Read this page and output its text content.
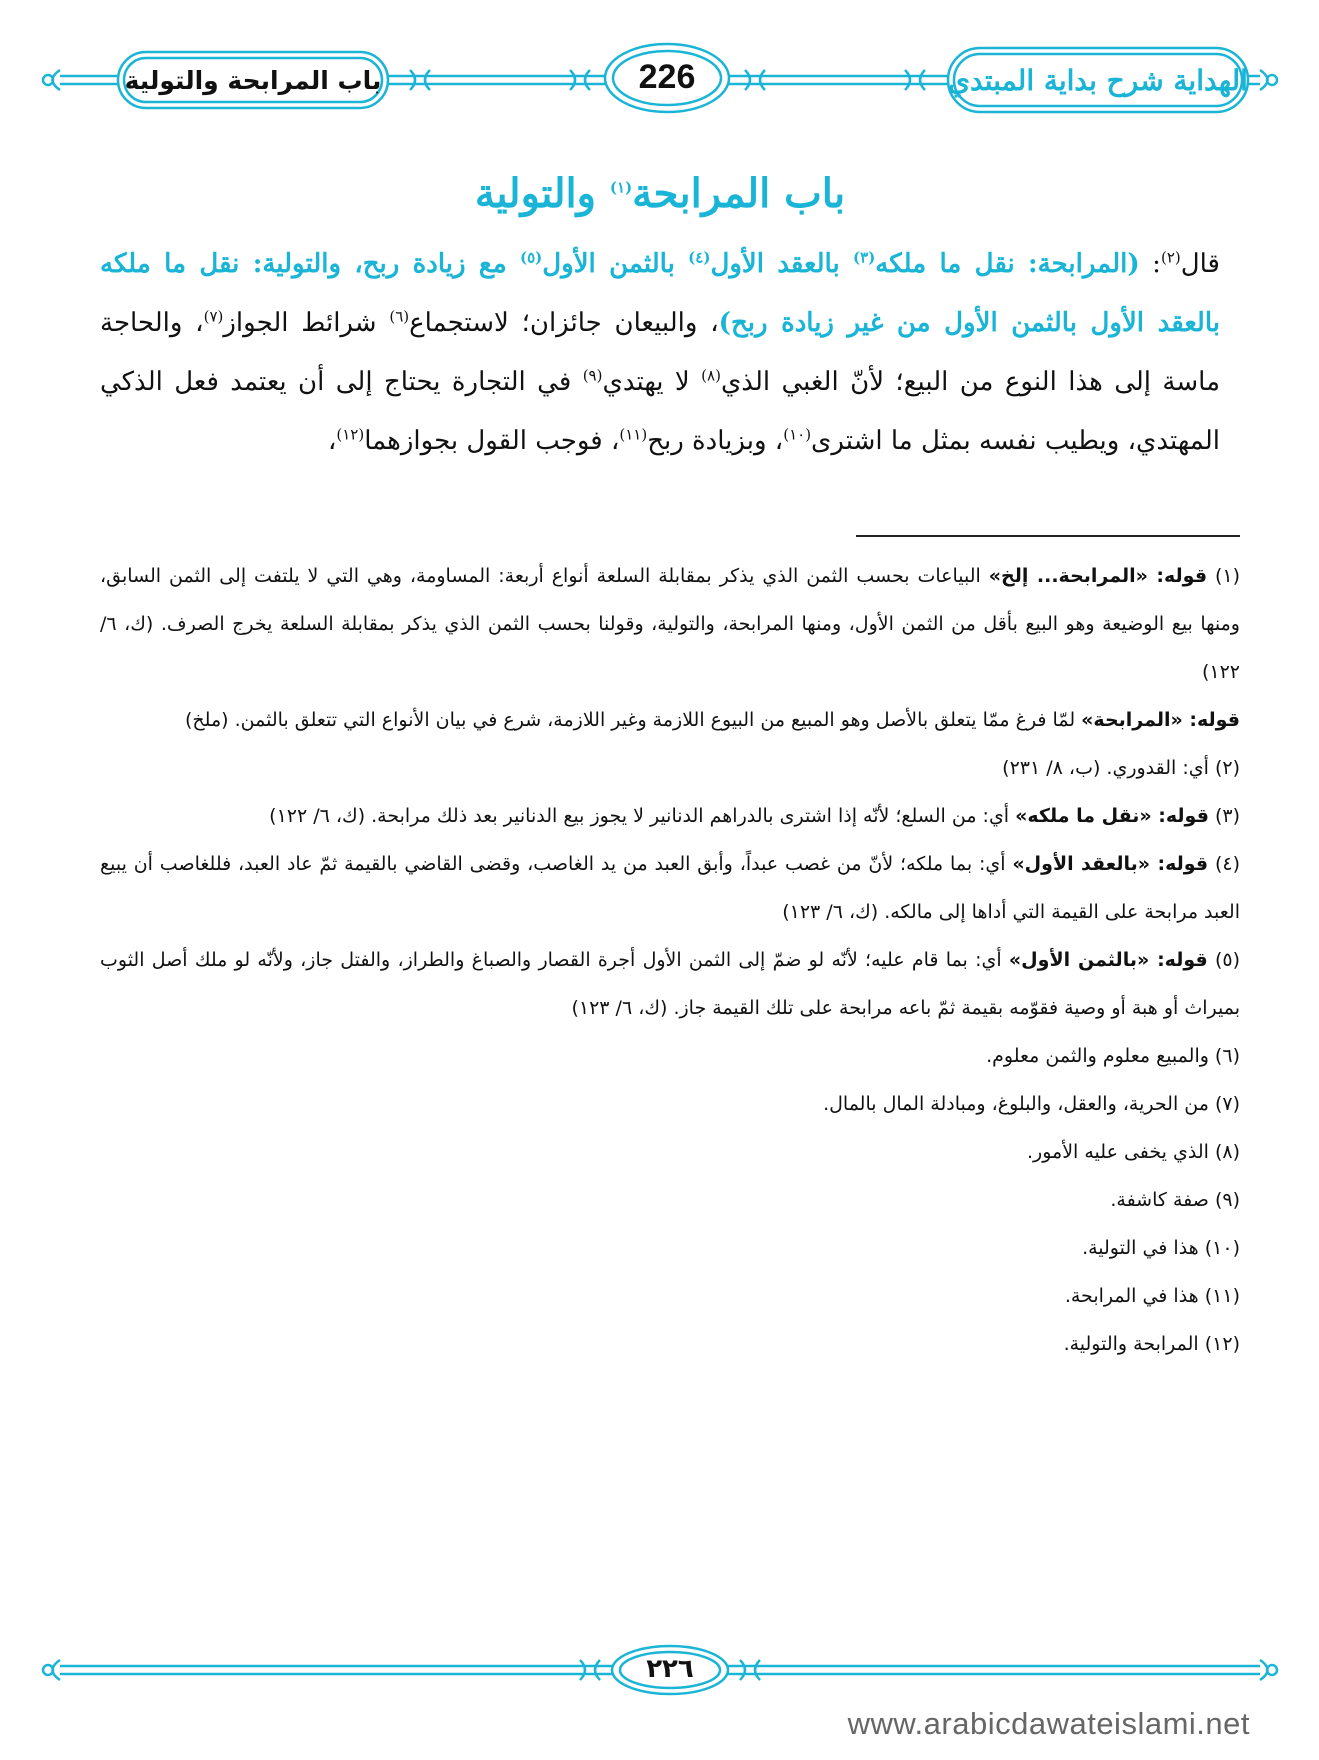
الهداية شرح بداية المبتدي
226
باب المرابحة والتولية
باب المرابحة$^{(١)}$ والتولية
قال$^{(٢)}$: (المرابحة: نقل ما ملكه$^{(٣)}$ بالعقد الأول$^{(٤)}$ بالثمن الأول$^{(٥)}$ مع زيادة ربح، والتولية: نقل ما ملكه بالعقد الأول بالثمن الأول من غير زيادة ربح)، والبيعان جائزان؛ لاستجماع$^{(٦)}$ شرائط الجواز$^{(٧)}$، والحاجة ماسة إلى هذا النوع من البيع؛ لأنّ الغبي الذي$^{(٨)}$ لا يهتدي$^{(٩)}$ في التجارة يحتاج إلى أن يعتمد فعل الذكي المهتدي، ويطيب نفسه بمثل ما اشترى$^{(١٠)}$، وبزيادة ربح$^{(١١)}$، فوجب القول بجوازهما$^{(١٢)}$،

(١) قوله: «المرابحة... إلخ» البياعات بحسب الثمن الذي يذكر بمقابلة السلعة أنواع أربعة: المساومة، وهي التي لا يلتفت إلى الثمن السابق، ومنها بيع الوضيعة وهو البيع بأقل من الثمن الأول، ومنها المرابحة، والتولية، وقولنا بحسب الثمن الذي يذكر بمقابلة السلعة يخرج الصرف. (ك، ٦/ ١٢٢)

قوله: «المرابحة» لمّا فرغ ممّا يتعلق بالأصل وهو المبيع من البيوع اللازمة وغير اللازمة، شرع في بيان الأنواع التي تتعلق بالثمن. (ملخ)

(٢) أي: القدوري. (ب، ٨/ ٢٣١)

(٣) قوله: «نقل ما ملكه» أي: من السلع؛ لأنّه إذا اشترى بالدراهم الدنانير لا يجوز بيع الدنانير بعد ذلك مرابحة. (ك، ٦/ ١٢٢)

(٤) قوله: «بالعقد الأول» أي: بما ملكه؛ لأنّ من غصب عبداً، وأبق العبد من يد الغاصب، وقضى القاضي بالقيمة ثمّ عاد العبد، فللغاصب أن يبيع العبد مرابحة على القيمة التي أداها إلى مالكه. (ك، ٦/ ١٢٣)

(٥) قوله: «بالثمن الأول» أي: بما قام عليه؛ لأنّه لو ضمّ إلى الثمن الأول أجرة القصار والصباغ والطراز، والفتل جاز، ولأنّه لو ملك أصل الثوب بميراث أو هبة أو وصية فقوّمه بقيمة ثمّ باعه مرابحة على تلك القيمة جاز. (ك، ٦/ ١٢٣)

(٦) والمبيع معلوم والثمن معلوم.

(٧) من الحرية، والعقل، والبلوغ، ومبادلة المال بالمال.

(٨) الذي يخفى عليه الأمور.

(٩) صفة كاشفة.

(١٠) هذا في التولية.

(١١) هذا في المرابحة.

(١٢) المرابحة والتولية.

٢٢٦
www.arabicdawateislami.net
